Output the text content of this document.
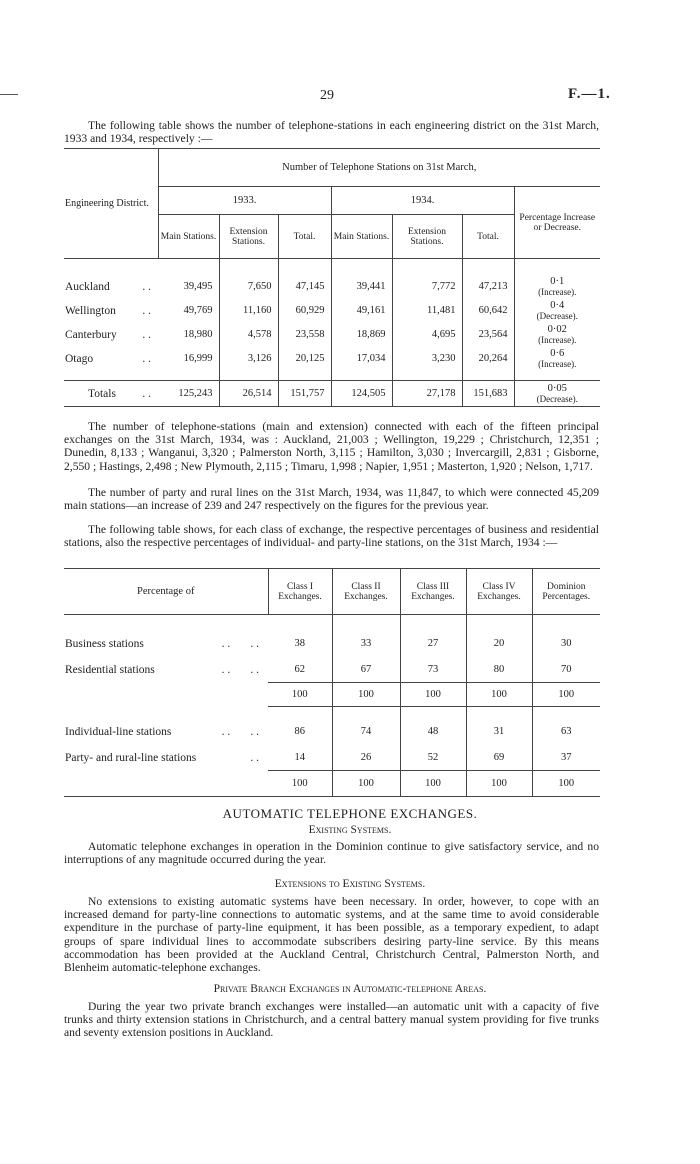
29	F.—1.
The following table shows the number of telephone-stations in each engineering district on the 31st March, 1933 and 1934, respectively :—
Engineering District.	Number of Telephone Stations on 31st March,						
	1933.			1934.			Percentage Increase or Decrease.
	Main Stations.	Extension Stations.	Total.	Main Stations.	Extension Stations.	Total.	

Auckland . .	39,495	7,650	47,145	39,441	7,772	47,213	0·1
(Increase).
Wellington . .	49,769	11,160	60,929	49,161	11,481	60,642	0·4
(Decrease).
Canterbury . .	18,980	4,578	23,558	18,869	4,695	23,564	0·02
(Increase).
Otago . .	16,999	3,126	20,125	17,034	3,230	20,264	0·6
(Increase).

Totals . .	125,243	26,514	151,757	124,505	27,178	151,683	0·05
(Decrease).
The number of telephone-stations (main and extension) connected with each of the fifteen principal exchanges on the 31st March, 1934, was : Auckland, 21,003 ; Wellington, 19,229 ; Christchurch, 12,351 ; Dunedin, 8,133 ; Wanganui, 3,320 ; Palmerston North, 3,115 ; Hamilton, 3,030 ; Invercargill, 2,831 ; Gisborne, 2,550 ; Hastings, 2,498 ; New Plymouth, 2,115 ; Timaru, 1,998 ; Napier, 1,951 ; Masterton, 1,920 ; Nelson, 1,717.
The number of party and rural lines on the 31st March, 1934, was 11,847, to which were connected 45,209 main stations—an increase of 239 and 247 respectively on the figures for the previous year.
The following table shows, for each class of exchange, the respective percentages of business and residential stations, also the respective percentages of individual- and party-line stations, on the 31st March, 1934 :—
Percentage of	Class I Exchanges.	Class II Exchanges.	Class III Exchanges.	Class IV Exchanges.	Dominion Percentages.

Business stations . .       . .	38	33	27	20	30
Residential stations . .       . .	62	67	73	80	70
	100	100	100	100	100

Individual-line stations . .       . .	86	74	48	31	63
Party- and rural-line stations . .	14	26	52	69	37
	100	100	100	100	100
AUTOMATIC TELEPHONE EXCHANGES.
Existing Systems.
Automatic telephone exchanges in operation in the Dominion continue to give satisfactory service, and no interruptions of any magnitude occurred during the year.
Extensions to Existing Systems.
No extensions to existing automatic systems have been necessary. In order, however, to cope with an increased demand for party-line connections to automatic systems, and at the same time to avoid considerable expenditure in the purchase of party-line equipment, it has been possible, as a temporary expedient, to adapt groups of spare individual lines to accommodate subscribers desiring party-line service. By this means accommodation has been provided at the Auckland Central, Christchurch Central, Palmerston North, and Blenheim automatic-telephone exchanges.
Private Branch Exchanges in Automatic-telephone Areas.
During the year two private branch exchanges were installed—an automatic unit with a capacity of five trunks and thirty extension stations in Christchurch, and a central battery manual system providing for five trunks and seventy extension positions in Auckland.
